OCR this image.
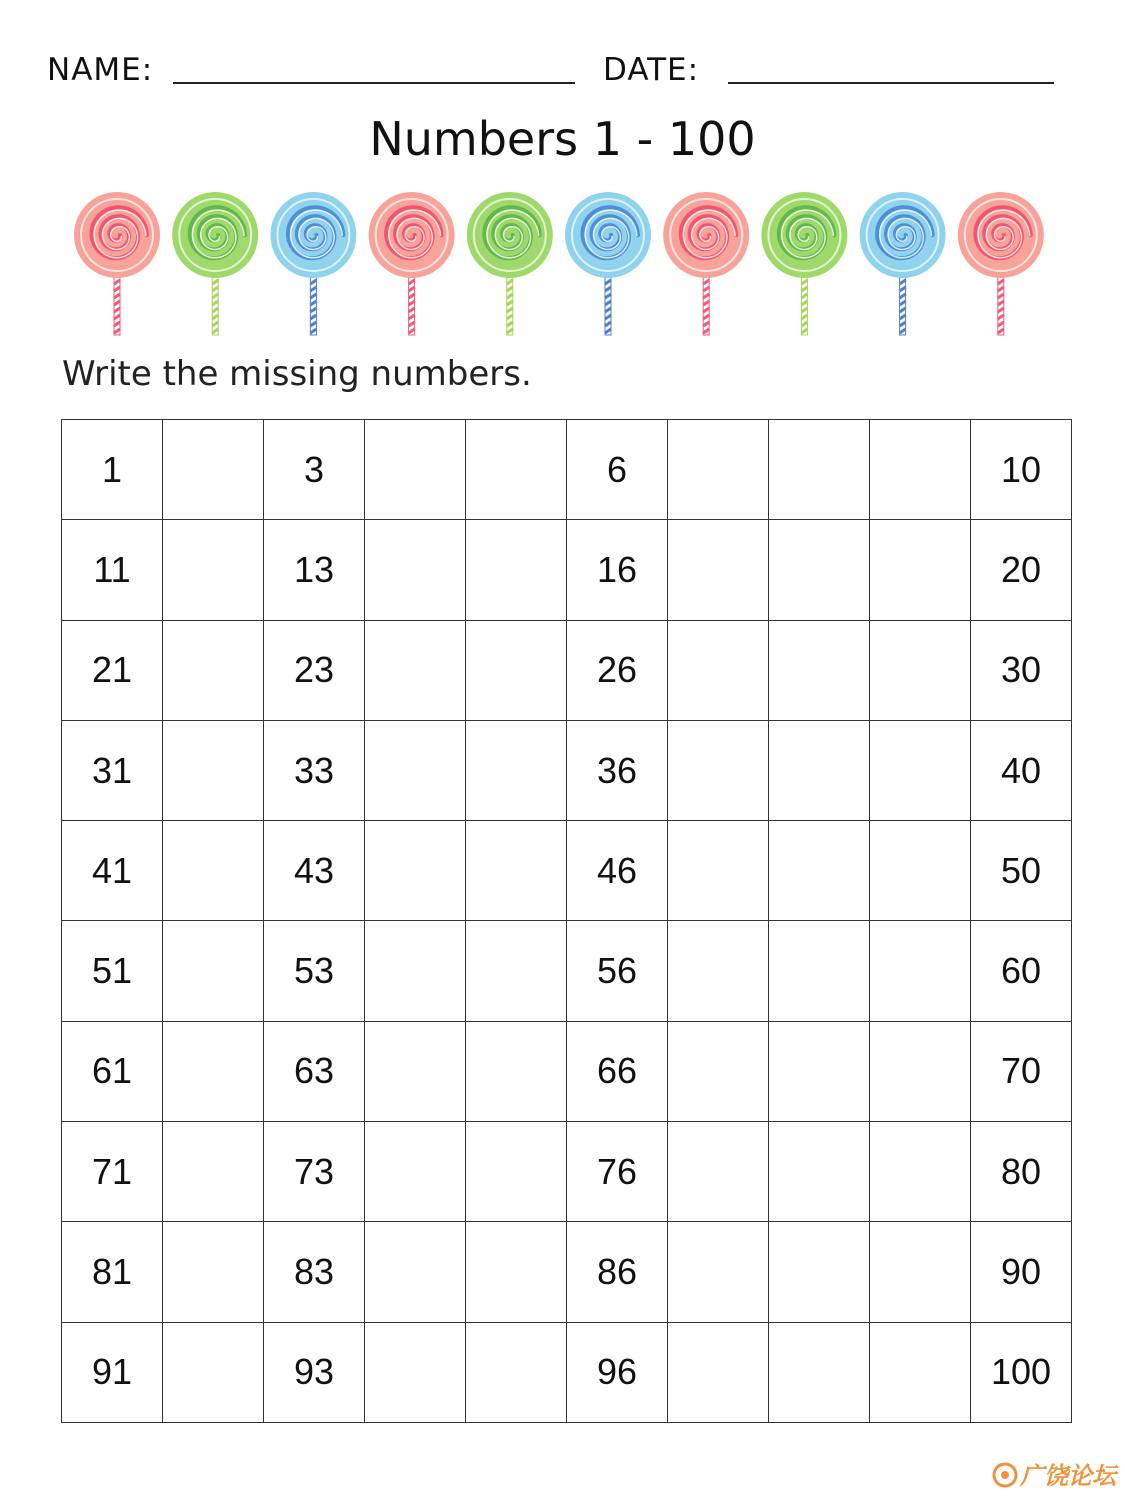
NAME:	DATE:
Numbers 1 - 100
Write the missing numbers.
1		3			6				10
11		13			16				20
21		23			26				30
31		33			36				40
41		43			46				50
51		53			56				60
61		63			66				70
71		73			76				80
81		83			86				90
91		93			96				100
广饶论坛
